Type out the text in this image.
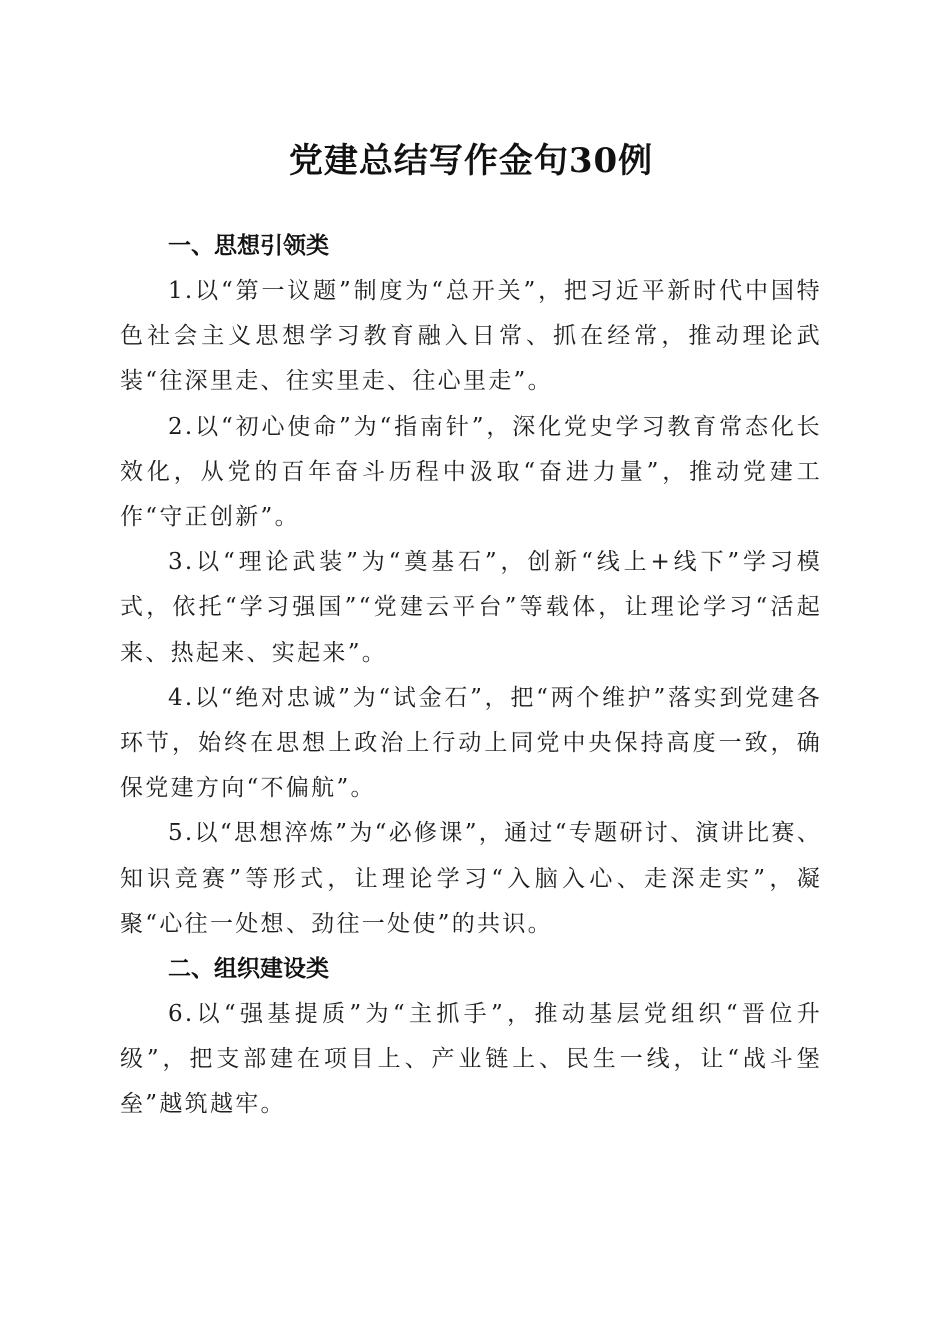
党建总结写作金句30例
一、思想引领类

1.以“第一议题”制度为“总开关”，把习近平新时代中国特色社会主义思想学习教育融入日常、抓在经常，推动理论武装“往深里走、往实里走、往心里走”。

2.以“初心使命”为“指南针”，深化党史学习教育常态化长效化，从党的百年奋斗历程中汲取“奋进力量”，推动党建工作“守正创新”。

3.以“理论武装”为“奠基石”，创新“线上+线下”学习模式，依托“学习强国”“党建云平台”等载体，让理论学习“活起来、热起来、实起来”。

4.以“绝对忠诚”为“试金石”，把“两个维护”落实到党建各环节，始终在思想上政治上行动上同党中央保持高度一致，确保党建方向“不偏航”。

5.以“思想淬炼”为“必修课”，通过“专题研讨、演讲比赛、知识竞赛”等形式，让理论学习“入脑入心、走深走实”，凝聚“心往一处想、劲往一处使”的共识。

二、组织建设类

6.以“强基提质”为“主抓手”，推动基层党组织“晋位升级”，把支部建在项目上、产业链上、民生一线，让“战斗堡垒”越筑越牢。
